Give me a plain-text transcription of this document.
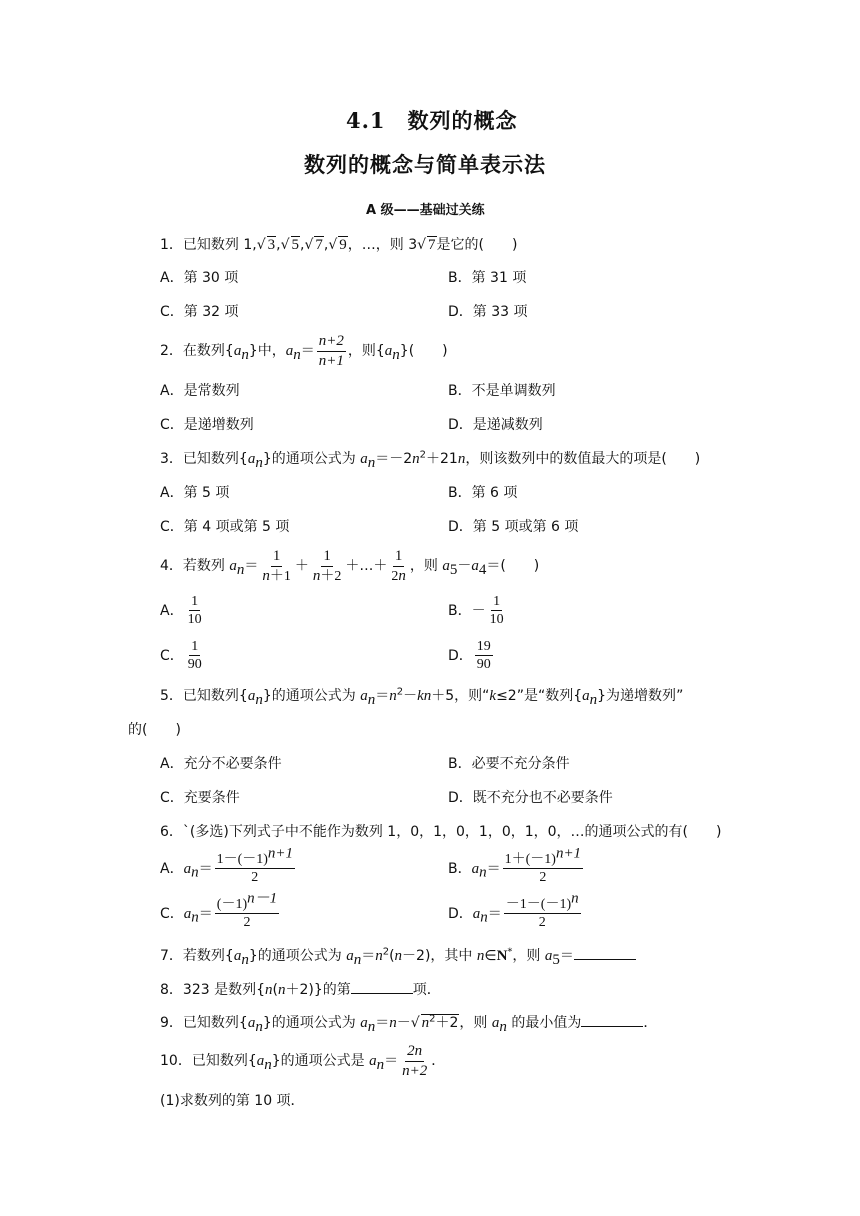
4.1　数列的概念
数列的概念与简单表示法
A 级——基础过关练
1．已知数列 1,√ 3,√ 5,√ 7,√ 9，…，则 3√ 7是它的(　　)
A．第 30 项	B．第 31 项
C．第 32 项	D．第 33 项
2．在数列$\{a_n\}$中，$a_n= \frac{n+2}{n+1}$ ，则$\{a_n\}$(　　)
A．是常数列	B．不是单调数列
C．是递增数列	D．是递减数列
3．已知数列$\{a_n\}$的通项公式为 $a_n=-2n^2+21n$，则该数列中的数值最大的项是(　　)
A．第 5 项	B．第 6 项
C．第 4 项或第 5 项	D．第 5 项或第 6 项
4．若数列 $a_n= \frac{1}{n+1} + \frac{1}{n+2}$ ＋…＋ $\frac{1}{2n}$ ，则 $a_5-a_4=$(　　)
A． $\frac{1}{10}$	B．－ $\frac{1}{10}$
C． $\frac{1}{90}$	D． $\frac{19}{90}$
5．已知数列$\{a_n\}$的通项公式为 $a_n=n^2-kn+5$，则“k≤2”是“数列$\{a_n\}$为递增数列”
的(　　)
A．充分不必要条件	B．必要不充分条件
C．充要条件	D．既不充分也不必要条件
6．`(多选)下列式子中不能作为数列 1，0，1，0，1，0，1，0，…的通项公式的有(　　)
A．$a_n= \frac{1-(-1)^{n+1}}{2}$	B．$a_n= \frac{1+(-1)^{n+1}}{2}$
C．$a_n= \frac{(-1)^{n-1}}{2}$	D．$a_n= \frac{-1-(-1)^n}{2}$
7．若数列$\{a_n\}$的通项公式为 $a_n=n^2(n-2)$，其中 n∈N*，则 $a_5=$
8．323 是数列{n(n＋2)}的第	项．
9．已知数列$\{a_n\}$的通项公式为 $a_n=n-√$ $n^2+2$，则 $a_n$ 的最小值为	．
10．已知数列$\{a_n\}$的通项公式是 $a_n= \frac{2n}{n+2}$ ．
(1)求数列的第 10 项．
